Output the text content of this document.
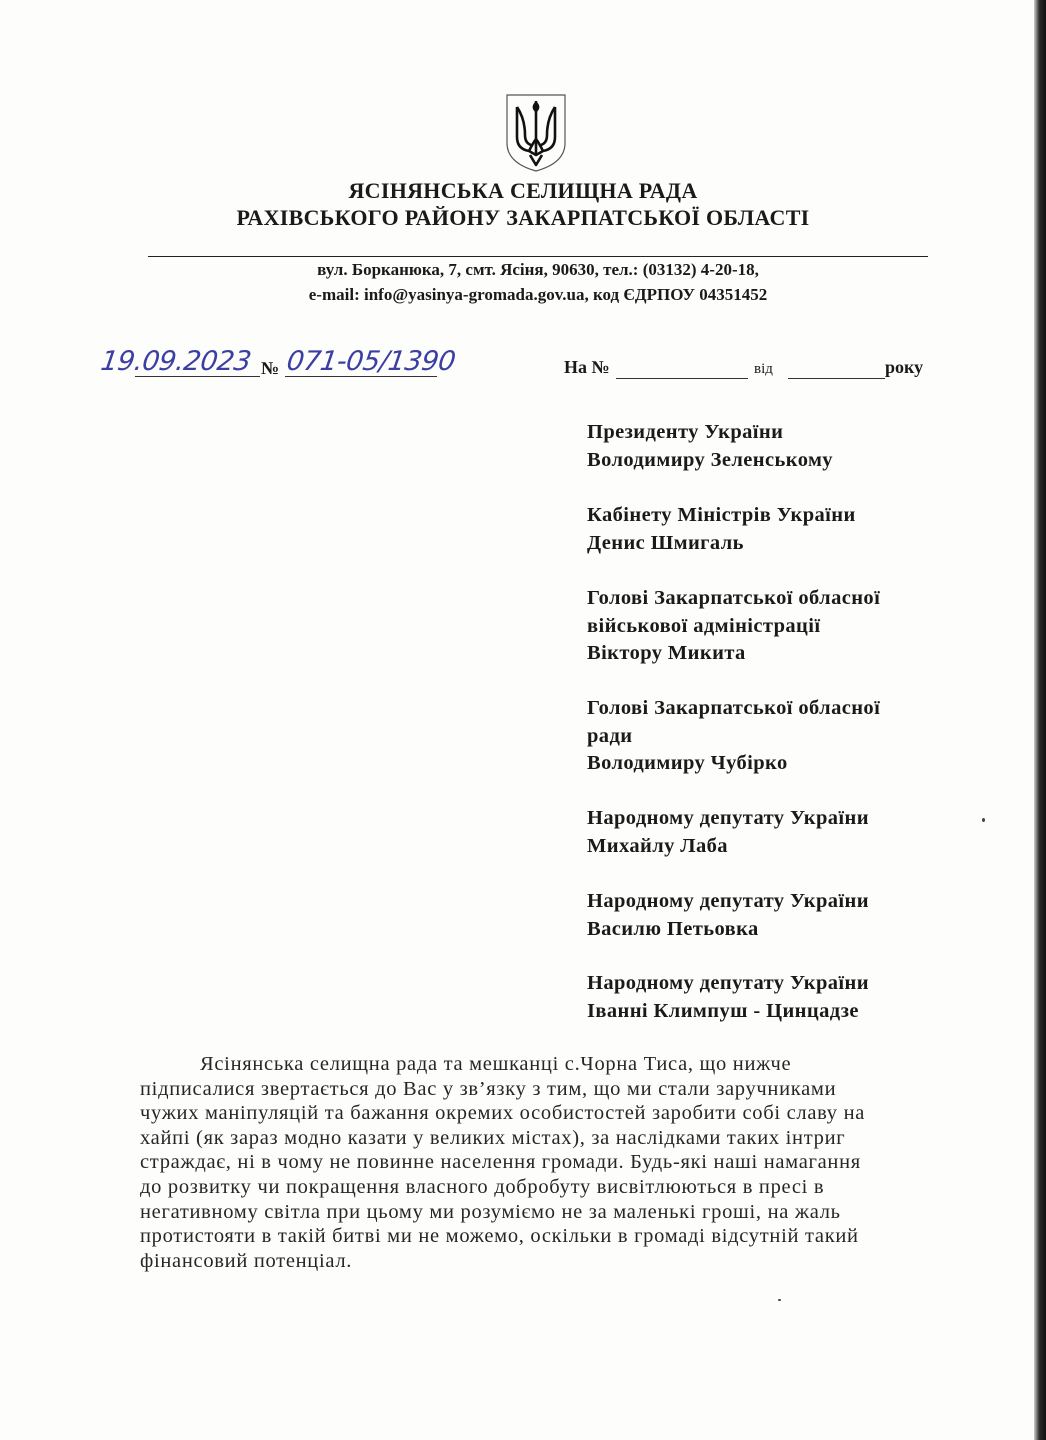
ЯСІНЯНСЬКА СЕЛИЩНА РАДА
РАХІВСЬКОГО РАЙОНУ ЗАКАРПАТСЬКОЇ ОБЛАСТІ
вул. Борканюка, 7, смт. Ясіня, 90630, тел.: (03132) 4-20-18,
e-mail: info@yasinya-gromada.gov.ua, код ЄДРПОУ 04351452
19.09.2023 № 071-05/1390	На №	від	року
Президенту України
Володимиру Зеленському
Кабінету Міністрів України
Денис Шмигаль
Голові Закарпатської обласної
військової адміністрації
Віктору Микита
Голові Закарпатської обласної
ради
Володимиру Чубірко
Народному депутату України
Михайлу Лаба
Народному депутату України
Василю Петьовка
Народному депутату України
Іванні Климпуш - Цинцадзе
Ясінянська селищна рада та мешканці с.Чорна Тиса, що нижче
підписалися звертається до Вас у зв’язку з тим, що ми стали заручниками
чужих маніпуляцій та бажання окремих особистостей заробити собі славу на
хайпі (як зараз модно казати у великих містах), за наслідками таких інтриг
страждає, ні в чому не повинне населення громади. Будь-які наші намагання
до розвитку чи покращення власного добробуту висвітлюються в пресі в
негативному світла при цьому ми розуміємо не за маленькі гроші, на жаль
протистояти в такій битві ми не можемо, оскільки в громаді відсутній такий
фінансовий потенціал.
